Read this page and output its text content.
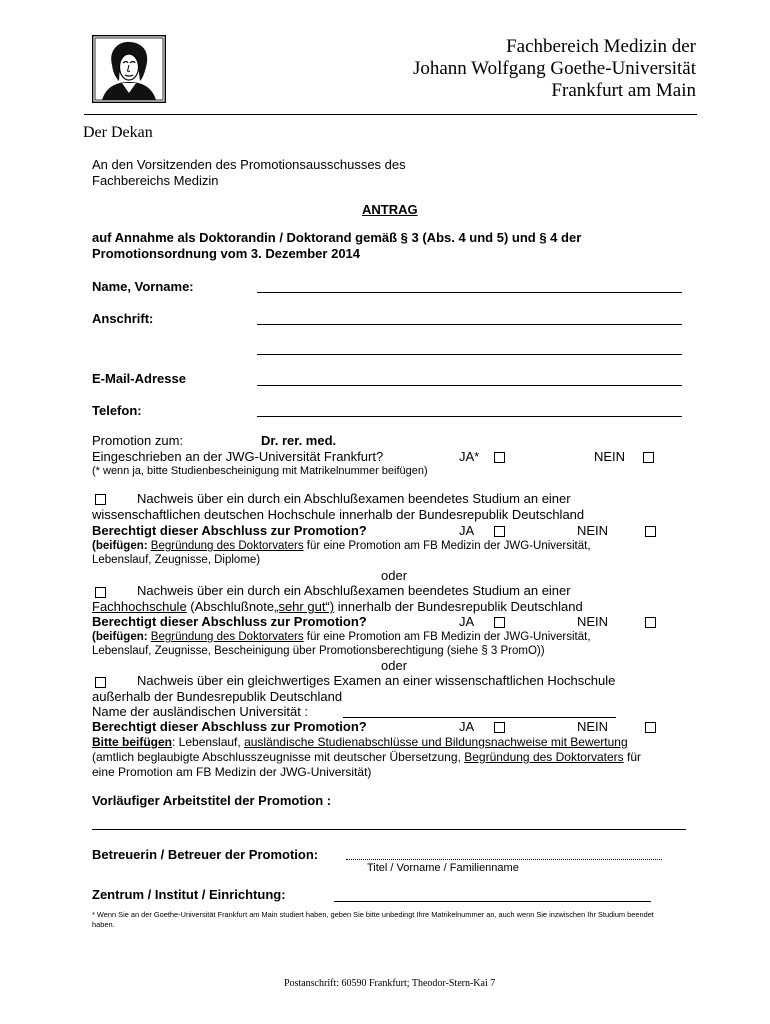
Fachbereich Medizin der
Johann Wolfgang Goethe-Universität
Frankfurt am Main
Der Dekan
An den Vorsitzenden des Promotionsausschusses des
Fachbereichs Medizin
ANTRAG
auf Annahme als Doktorandin / Doktorand gemäß § 3 (Abs. 4 und 5) und § 4 der
Promotionsordnung vom 3. Dezember 2014
Name, Vorname:
Anschrift:
E-Mail-Adresse
Telefon:
Promotion zum:	Dr. rer. med.
Eingeschrieben an der JWG-Universität Frankfurt?	JA*	NEIN
(* wenn ja, bitte Studienbescheinigung mit Matrikelnummer beifügen)
Nachweis über ein durch ein Abschlußexamen beendetes Studium an einer
wissenschaftlichen deutschen Hochschule innerhalb der Bundesrepublik Deutschland
Berechtigt dieser Abschluss zur Promotion?	JA	NEIN
(beifügen: Begründung des Doktorvaters für eine Promotion am FB Medizin der JWG-Universität,
Lebenslauf, Zeugnisse, Diplome)
oder
Nachweis über ein durch ein Abschlußexamen beendetes Studium an einer
Fachhochschule (Abschlußnote„sehr gut“) innerhalb der Bundesrepublik Deutschland
Berechtigt dieser Abschluss zur Promotion?	JA	NEIN
(beifügen: Begründung des Doktorvaters für eine Promotion am FB Medizin der JWG-Universität,
Lebenslauf, Zeugnisse, Bescheinigung über Promotionsberechtigung (siehe § 3 PromO))
oder
Nachweis über ein gleichwertiges Examen an einer wissenschaftlichen Hochschule
außerhalb der Bundesrepublik Deutschland
Name der ausländischen Universität :
Berechtigt dieser Abschluss zur Promotion?	JA	NEIN
Bitte beifügen: Lebenslauf, ausländische Studienabschlüsse und Bildungsnachweise mit Bewertung
(amtlich beglaubigte Abschlusszeugnisse mit deutscher Übersetzung, Begründung des Doktorvaters für
eine Promotion am FB Medizin der JWG-Universität)
Vorläufiger Arbeitstitel der Promotion :
Betreuerin / Betreuer der Promotion:
Titel / Vorname / Familienname
Zentrum / Institut / Einrichtung:
* Wenn Sie an der Goethe-Universität Frankfurt am Main studiert haben, geben Sie bitte unbedingt Ihre Matrikelnummer an, auch wenn Sie inzwischen Ihr Studium beendet
haben.
Postanschrift: 60590 Frankfurt; Theodor-Stern-Kai 7
